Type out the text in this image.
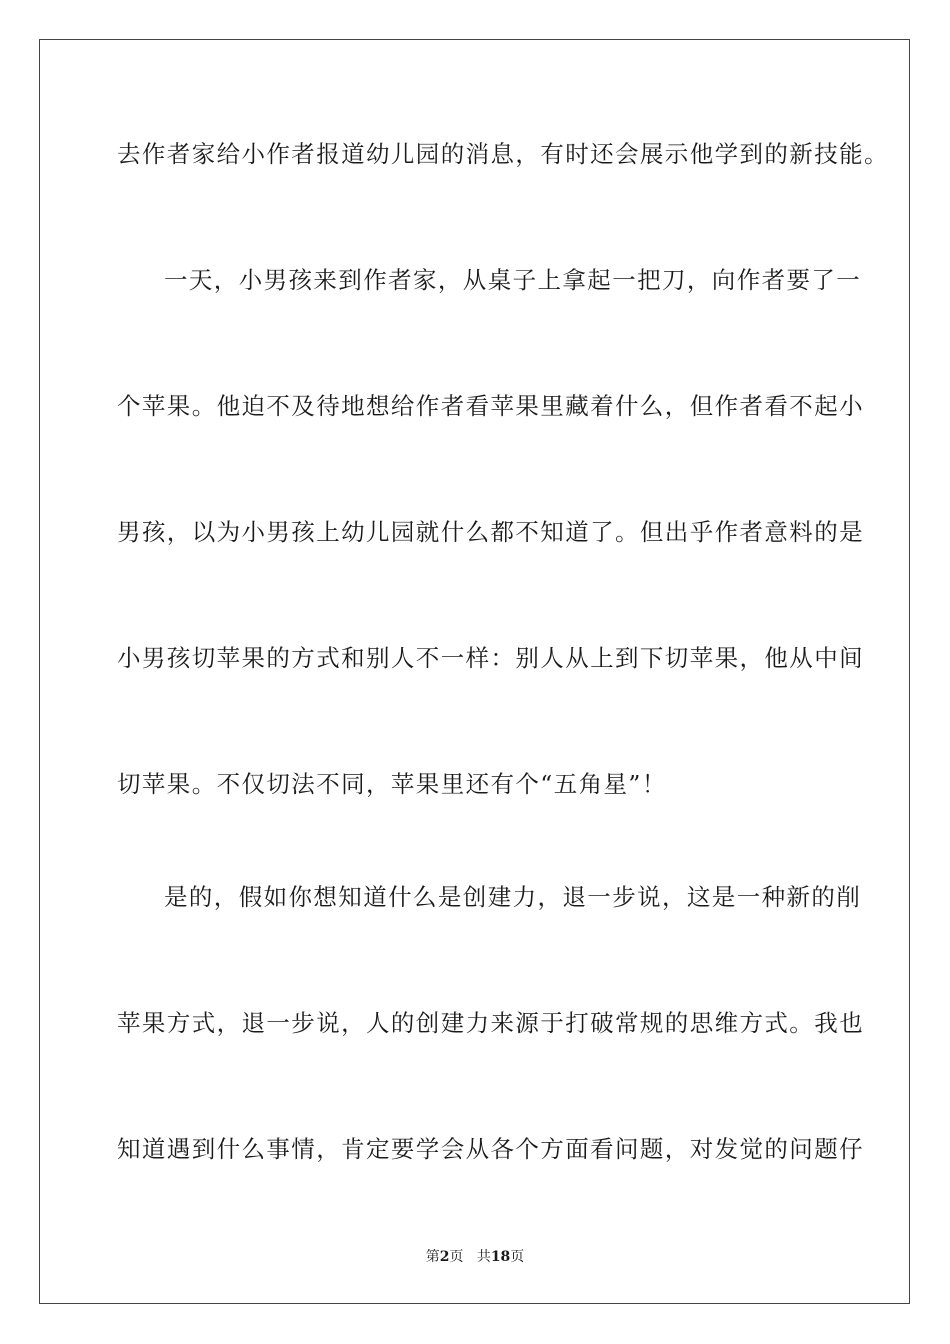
去作者家给小作者报道幼儿园的消息，有时还会展示他学到的新技能。
一天，小男孩来到作者家，从桌子上拿起一把刀，向作者要了一
个苹果。他迫不及待地想给作者看苹果里藏着什么，但作者看不起小
男孩，以为小男孩上幼儿园就什么都不知道了。但出乎作者意料的是
小男孩切苹果的方式和别人不一样：别人从上到下切苹果，他从中间
切苹果。不仅切法不同，苹果里还有个“五角星”！
是的，假如你想知道什么是创建力，退一步说，这是一种新的削
苹果方式，退一步说，人的创建力来源于打破常规的思维方式。我也
知道遇到什么事情，肯定要学会从各个方面看问题，对发觉的问题仔
第2页 共18页
